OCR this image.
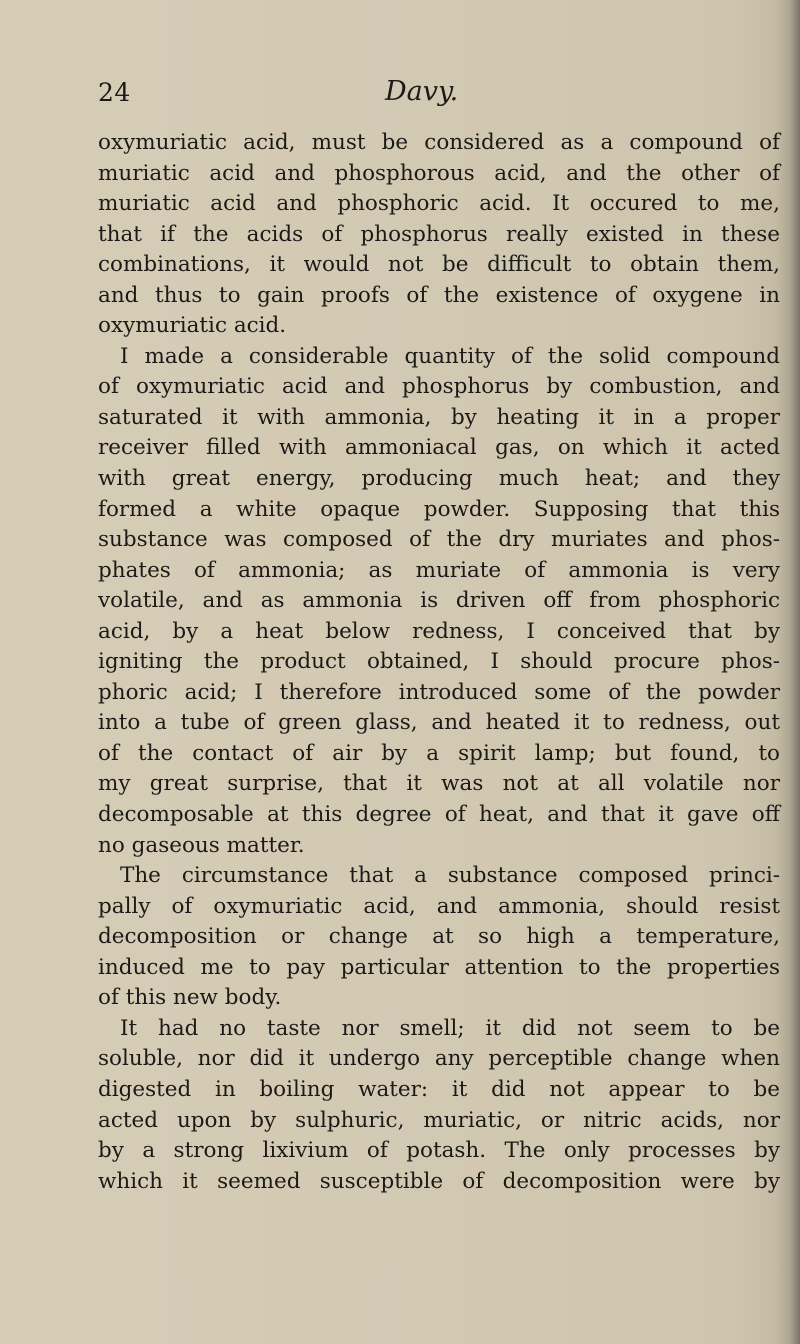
24	Davy.
oxymuriatic acid, must be considered as a compound of
muriatic acid and phosphorous acid, and the other of
muriatic acid and phosphoric acid. It occured to me,
that if the acids of phosphorus really existed in these
combinations, it would not be difficult to obtain them,
and thus to gain proofs of the existence of oxygene in
oxymuriatic acid.
I made a considerable quantity of the solid compound
of oxymuriatic acid and phosphorus by combustion, and
saturated it with ammonia, by heating it in a proper
receiver filled with ammoniacal gas, on which it acted
with great energy, producing much heat; and they
formed a white opaque powder. Supposing that this
substance was composed of the dry muriates and phos-
phates of ammonia; as muriate of ammonia is very
volatile, and as ammonia is driven off from phosphoric
acid, by a heat below redness, I conceived that by
igniting the product obtained, I should procure phos-
phoric acid; I therefore introduced some of the powder
into a tube of green glass, and heated it to redness, out
of the contact of air by a spirit lamp; but found, to
my great surprise, that it was not at all volatile nor
decomposable at this degree of heat, and that it gave off
no gaseous matter.
The circumstance that a substance composed princi-
pally of oxymuriatic acid, and ammonia, should resist
decomposition or change at so high a temperature,
induced me to pay particular attention to the properties
of this new body.
It had no taste nor smell; it did not seem to be
soluble, nor did it undergo any perceptible change when
digested in boiling water: it did not appear to be
acted upon by sulphuric, muriatic, or nitric acids, nor
by a strong lixivium of potash. The only processes by
which it seemed susceptible of decomposition were by
